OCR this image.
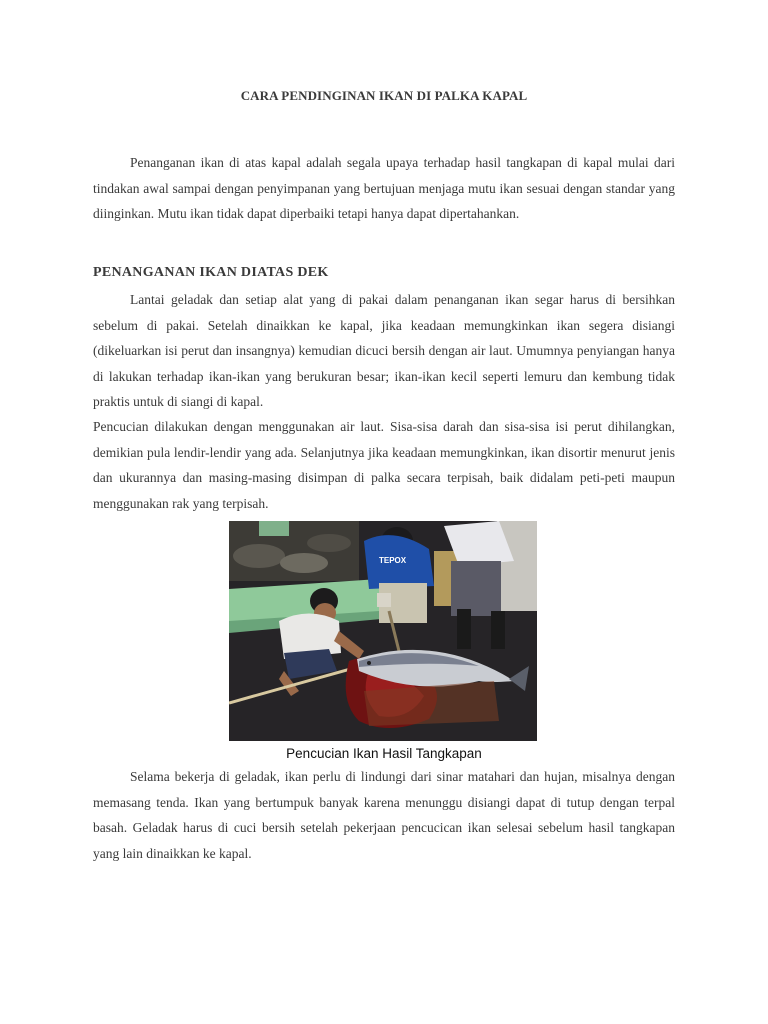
CARA PENDINGINAN IKAN DI PALKA KAPAL

Penanganan ikan di atas kapal adalah segala upaya terhadap hasil tangkapan di kapal mulai dari tindakan awal sampai dengan penyimpanan yang bertujuan menjaga mutu ikan sesuai dengan standar yang diinginkan. Mutu ikan tidak dapat diperbaiki tetapi hanya dapat dipertahankan.

PENANGANAN IKAN DIATAS DEK

Lantai geladak dan setiap alat yang di pakai dalam penanganan ikan segar harus di bersihkan sebelum di pakai. Setelah dinaikkan ke kapal, jika keadaan memungkinkan ikan segera disiangi (dikeluarkan isi perut dan insangnya) kemudian dicuci bersih dengan air laut. Umumnya penyiangan hanya di lakukan terhadap ikan-ikan yang berukuran besar; ikan-ikan kecil seperti lemuru dan kembung tidak praktis untuk di siangi di kapal.

Pencucian dilakukan dengan menggunakan air laut. Sisa-sisa darah dan sisa-sisa isi perut dihilangkan, demikian pula lendir-lendir yang ada. Selanjutnya jika keadaan memungkinkan, ikan disortir menurut jenis dan ukurannya dan masing-masing disimpan di palka secara terpisah, baik didalam peti-peti maupun menggunakan rak yang terpisah.

TEPOX
Pencucian Ikan Hasil Tangkapan

Selama bekerja di geladak, ikan perlu di lindungi dari sinar matahari dan hujan, misalnya dengan memasang tenda. Ikan yang bertumpuk banyak karena menunggu disiangi dapat di tutup dengan terpal basah. Geladak harus di cuci bersih setelah pekerjaan pencucican ikan selesai sebelum hasil tangkapan yang lain dinaikkan ke kapal.
